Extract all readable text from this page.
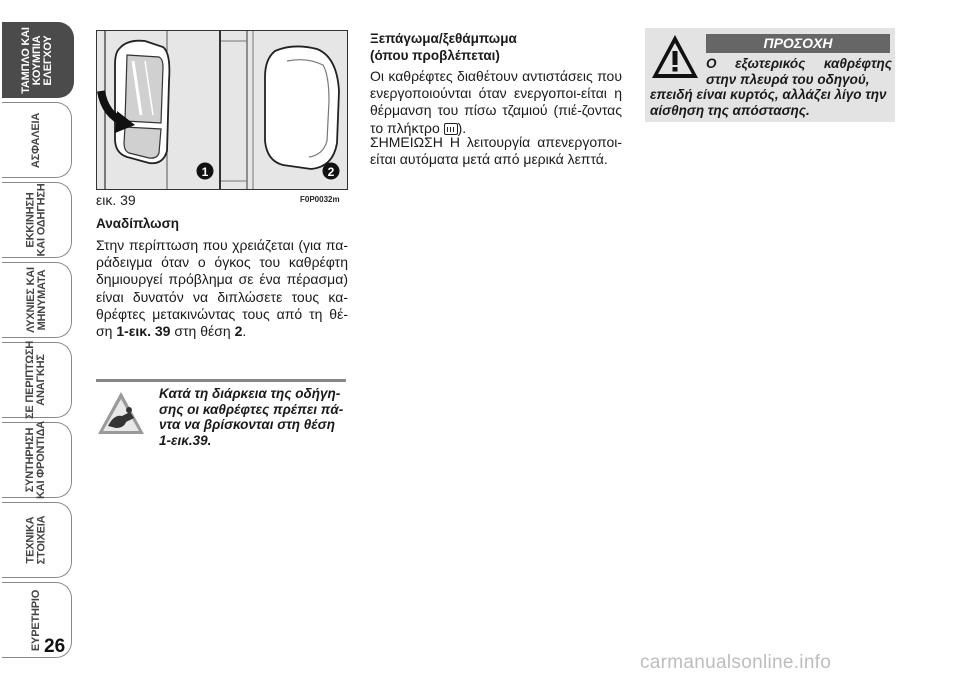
ΤΑΜΠΛΟ ΚΑΙ
ΚΟΥΜΠΙΑ
ΕΛΕΓΧΟΥ
ΑΣΦΑΛΕΙΑ
ΕΚΚΙΝΗΣΗ
ΚΑΙ ΟΔΗΓΗΣΗ
ΛΥΧΝΙΕΣ ΚΑΙ
ΜΗΝΥΜΑΤΑ
ΣΕ ΠΕΡΙΠΤΩΣΗ
ΑΝΑΓΚΗΣ
ΣΥΝΤΗΡΗΣΗ
ΚΑΙ ΦΡΟΝΤΙΔΑ
ΤΕΧΝΙΚΑ
ΣΤΟΙΧΕΙΑ
ΕΥΡΕΤΗΡΙΟ 26
1	2
εικ. 39	F0P0032m
Αναδίπλωση
Στην περίπτωση που χρειάζεται (για πα-ράδειγμα όταν ο όγκος του καθρέφτη δημιουργεί πρόβλημα σε ένα πέρασμα) είναι δυνατόν να διπλώσετε τους κα-θρέφτες μετακινώντας τους από τη θέ-ση 1-εικ. 39 στη θέση 2.
Κατά τη διάρκεια της οδήγη-σης οι καθρέφτες πρέπει πά-ντα να βρίσκονται στη θέση 1-εικ.39.
Ξεπάγωμα/ξεθάμπωμα
(όπου προβλέπεται)
Οι καθρέφτες διαθέτουν αντιστάσεις που ενεργοποιούνται όταν ενεργοποι-είται η θέρμανση του πίσω τζαμιού (πιέ-ζοντας το πλήκτρο ).
ΣΗΜΕΙΩΣΗ Η λειτουργία απενεργοποι-είται αυτόματα μετά από μερικά λεπτά.
ΠΡΟΣΟΧΗ
Ο εξωτερικός καθρέφτης στην πλευρά του οδηγού,
επειδή είναι κυρτός, αλλάζει λίγο την αίσθηση της απόστασης.
carmanualsonline.info
